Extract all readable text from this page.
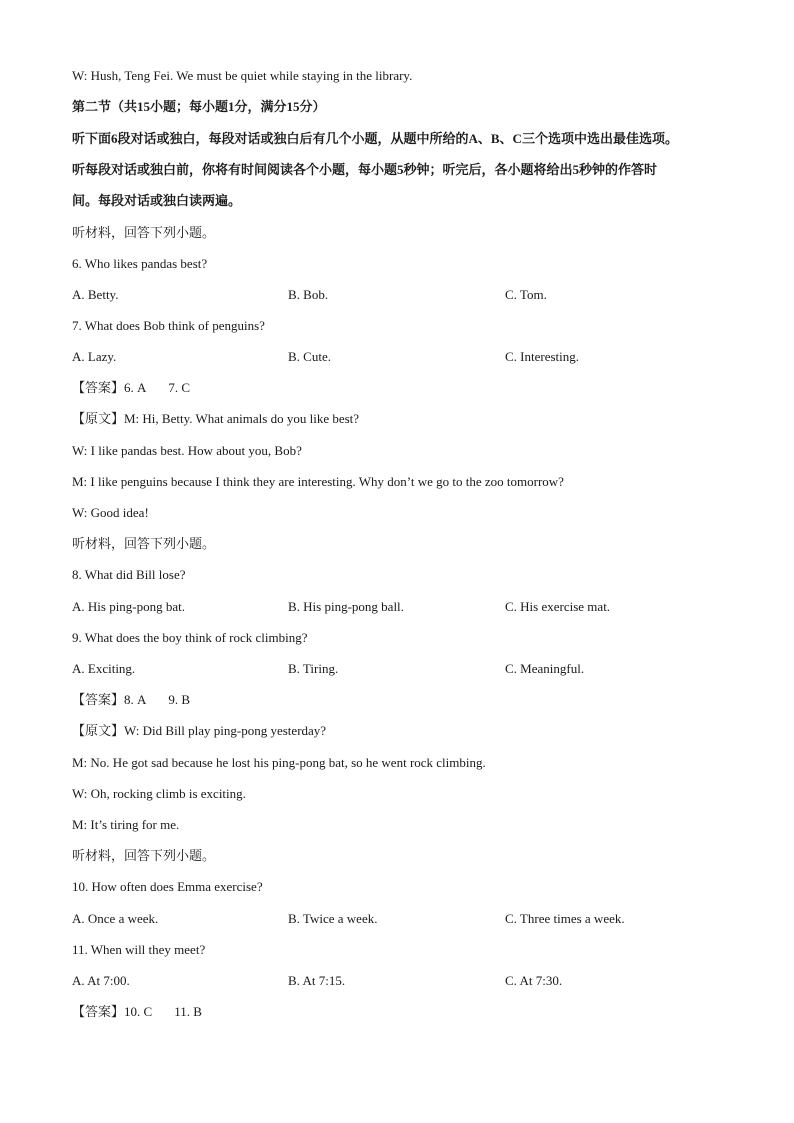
W: Hush, Teng Fei. We must be quiet while staying in the library.
第二节（共15小题；每小题1分，满分15分）
听下面6段对话或独白，每段对话或独白后有几个小题，从题中所给的A、B、C三个选项中选出最佳选项。
听每段对话或独白前，你将有时间阅读各个小题，每小题5秒钟；听完后，各小题将给出5秒钟的作答时
间。每段对话或独白读两遍。
听材料，回答下列小题。
6. Who likes pandas best?
A. Betty.	B. Bob.	C. Tom.
7. What does Bob think of penguins?
A. Lazy.	B. Cute.	C. Interesting.
【答案】6. A 7. C
【原文】M: Hi, Betty. What animals do you like best?
W: I like pandas best. How about you, Bob?
M: I like penguins because I think they are interesting. Why don’t we go to the zoo tomorrow?
W: Good idea!
听材料，回答下列小题。
8. What did Bill lose?
A. His ping-pong bat.	B. His ping-pong ball.	C. His exercise mat.
9. What does the boy think of rock climbing?
A. Exciting.	B. Tiring.	C. Meaningful.
【答案】8. A 9. B
【原文】W: Did Bill play ping-pong yesterday?
M: No. He got sad because he lost his ping-pong bat, so he went rock climbing.
W: Oh, rocking climb is exciting.
M: It’s tiring for me.
听材料，回答下列小题。
10. How often does Emma exercise?
A. Once a week.	B. Twice a week.	C. Three times a week.
11. When will they meet?
A. At 7:00.	B. At 7:15.	C. At 7:30.
【答案】10. C 11. B
